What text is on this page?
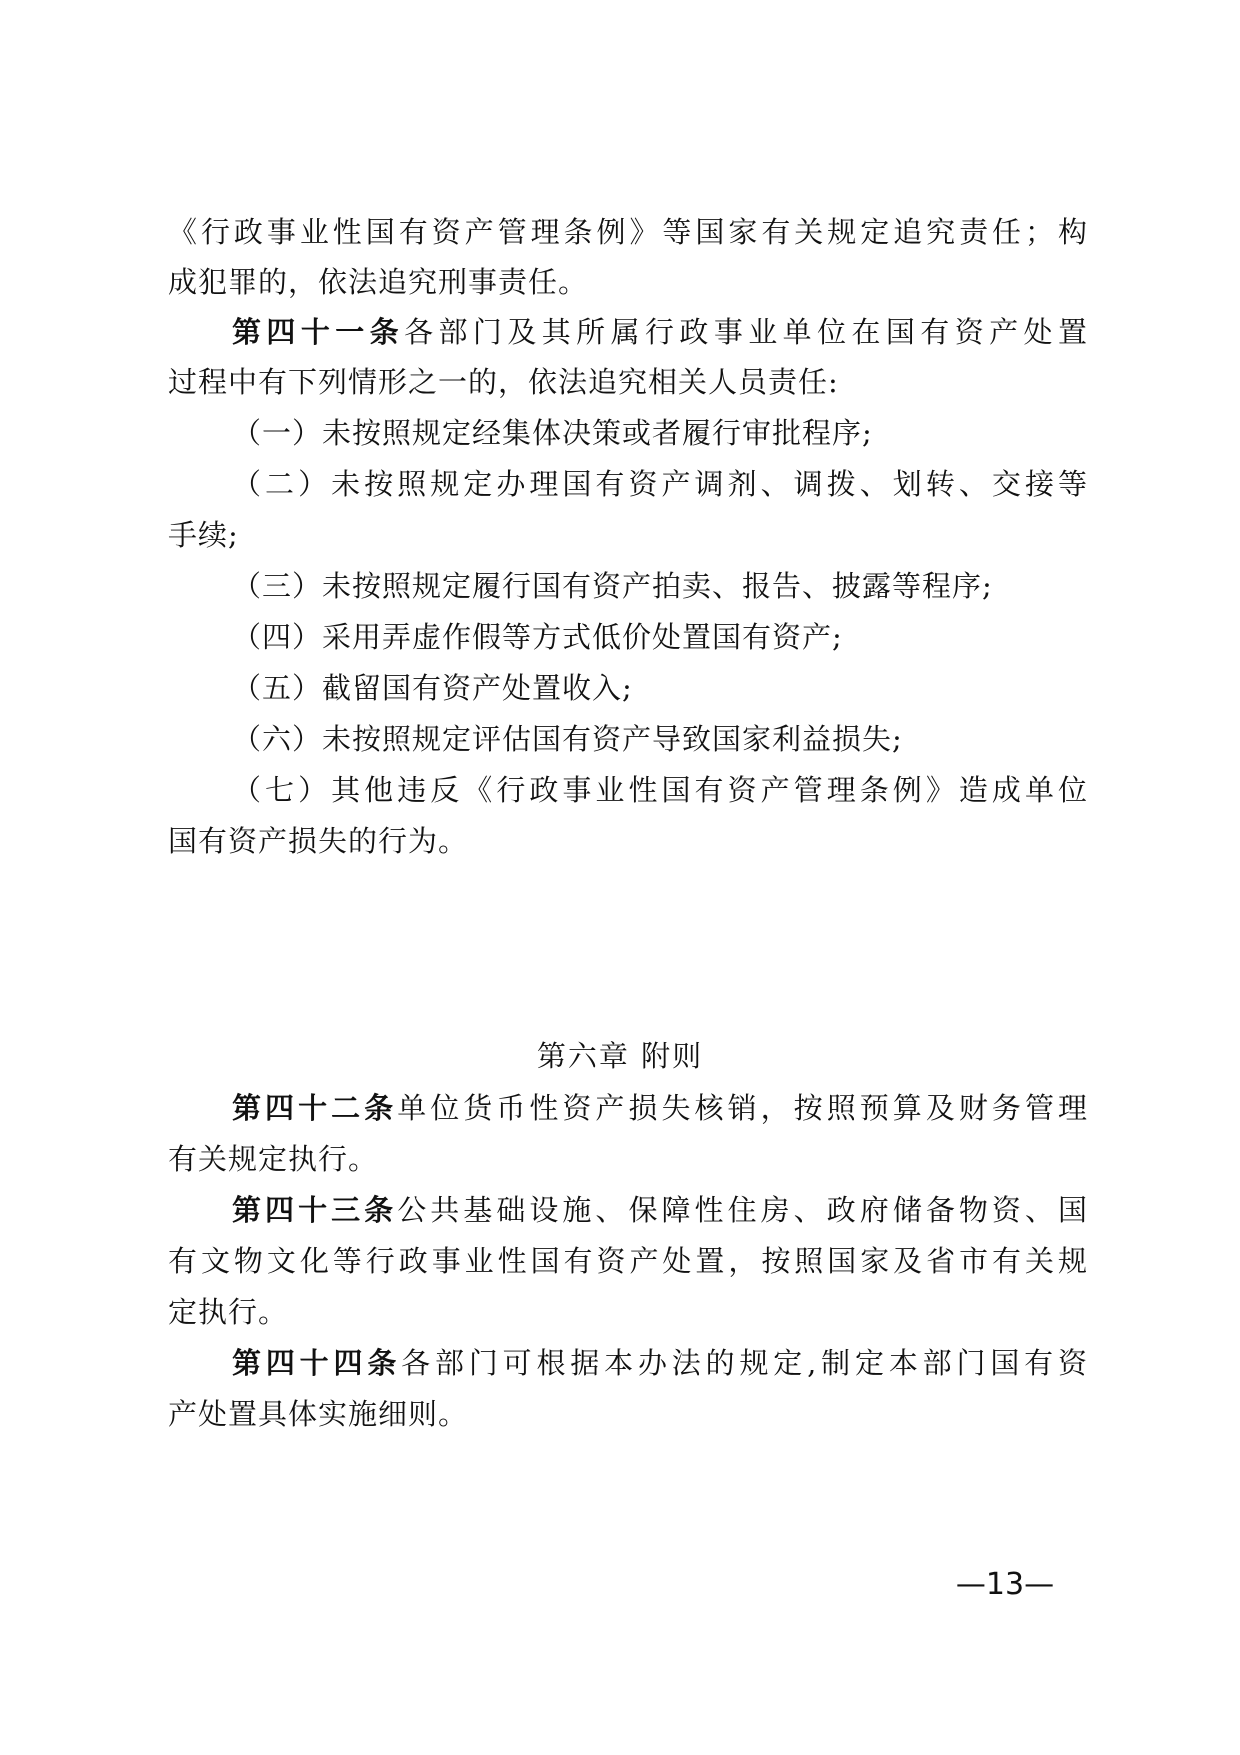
《行政事业性国有资产管理条例》等国家有关规定追究责任；构
成犯罪的，依法追究刑事责任。
第四十一条各部门及其所属行政事业单位在国有资产处置
过程中有下列情形之一的，依法追究相关人员责任:
（一）未按照规定经集体决策或者履行审批程序;
（二）未按照规定办理国有资产调剂、调拨、划转、交接等
手续;
（三）未按照规定履行国有资产拍卖、报告、披露等程序;
（四）采用弄虚作假等方式低价处置国有资产;
（五）截留国有资产处置收入;
（六）未按照规定评估国有资产导致国家利益损失;
（七）其他违反《行政事业性国有资产管理条例》造成单位
国有资产损失的行为。
第六章 附则
第四十二条单位货币性资产损失核销，按照预算及财务管理
有关规定执行。
第四十三条公共基础设施、保障性住房、政府储备物资、国
有文物文化等行政事业性国有资产处置，按照国家及省市有关规
定执行。
第四十四条各部门可根据本办法的规定,制定本部门国有资
产处置具体实施细则。
—13—
